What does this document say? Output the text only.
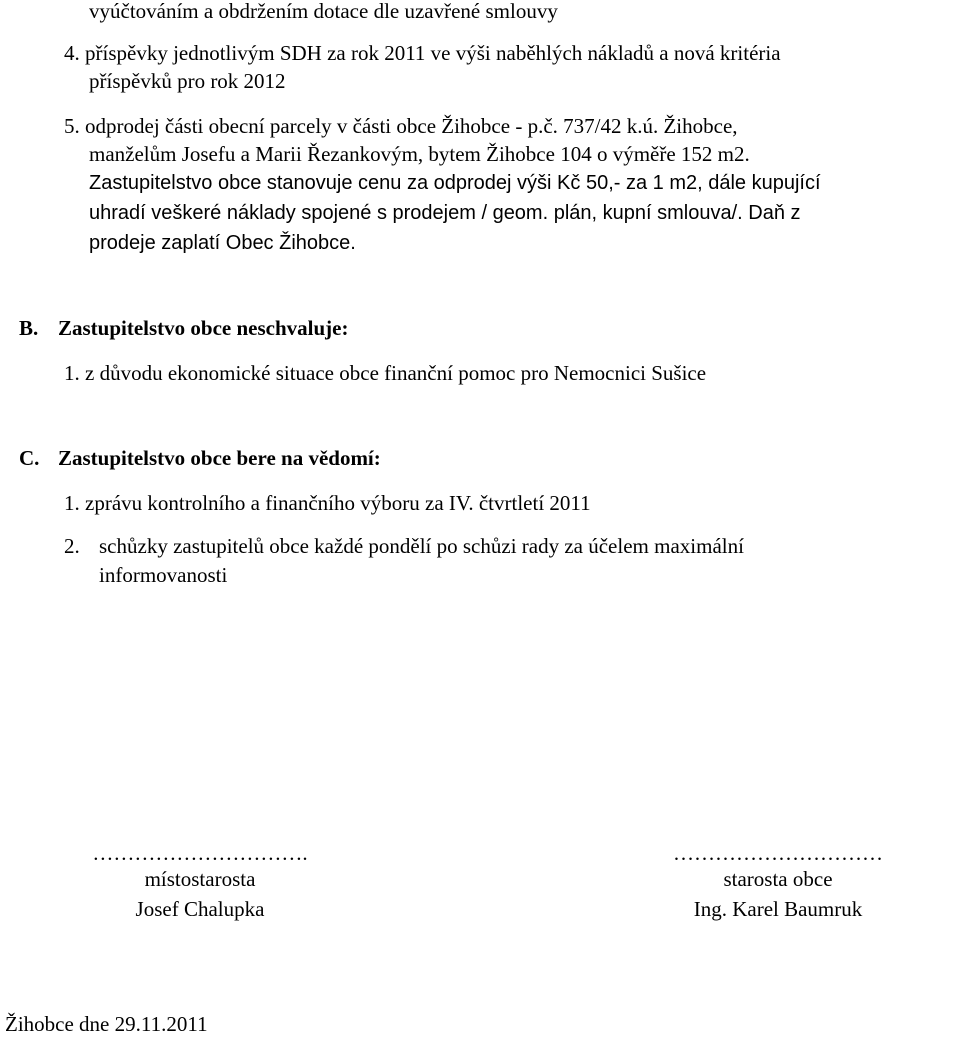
vyúčtováním a obdržením dotace dle uzavřené smlouvy
4. příspěvky jednotlivým SDH za rok 2011 ve výši naběhlých nákladů a nová kritéria
příspěvků pro rok 2012
5. odprodej části obecní parcely v části obce Žihobce - p.č. 737/42 k.ú. Žihobce,
manželům Josefu a Marii Řezankovým, bytem Žihobce 104 o výměře 152 m2.
Zastupitelstvo obce stanovuje cenu za odprodej výši Kč 50,- za 1 m2, dále kupující
uhradí veškeré náklady spojené s prodejem / geom. plán, kupní smlouva/. Daň z
prodeje zaplatí Obec Žihobce.
B. Zastupitelstvo obce neschvaluje:
1. z důvodu ekonomické situace obce finanční pomoc pro Nemocnici Sušice
C. Zastupitelstvo obce bere na vědomí:
1. zprávu kontrolního a finančního výboru za IV. čtvrtletí 2011
2. schůzky zastupitelů obce každé pondělí po schůzi rady za účelem maximální
informovanosti
………………………….
místostarosta
Josef Chalupka
…………………………
starosta obce
Ing. Karel Baumruk
Žihobce dne 29.11.2011
